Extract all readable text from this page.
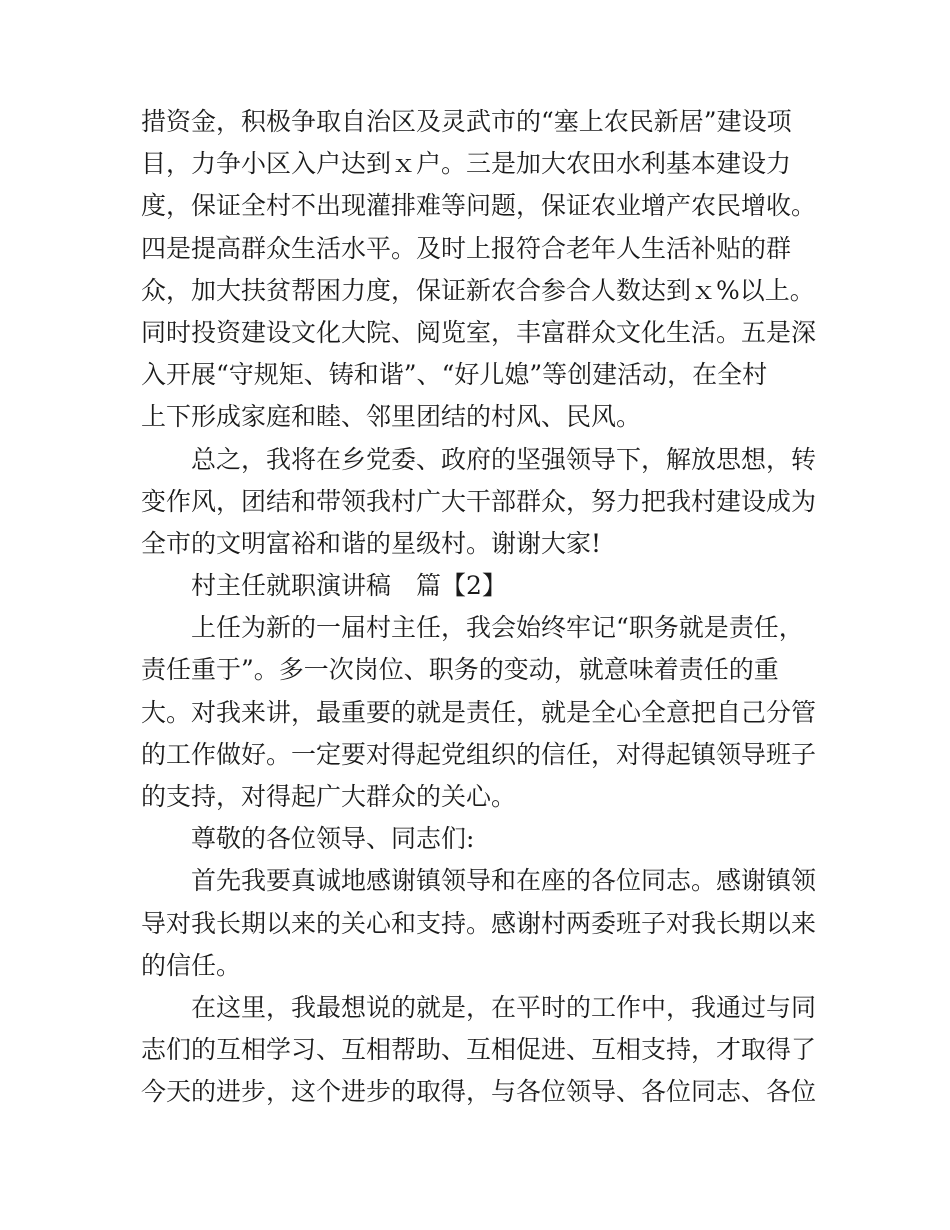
措资金，积极争取自治区及灵武市的“塞上农民新居”建设项
目，力争小区入户达到ｘ户。三是加大农田水利基本建设力
度，保证全村不出现灌排难等问题，保证农业增产农民增收。
四是提高群众生活水平。及时上报符合老年人生活补贴的群
众，加大扶贫帮困力度，保证新农合参合人数达到ｘ%以上。
同时投资建设文化大院、阅览室，丰富群众文化生活。五是深
入开展“守规矩、铸和谐”、“好儿媳”等创建活动，在全村
上下形成家庭和睦、邻里团结的村风、民风。
总之，我将在乡党委、政府的坚强领导下，解放思想，转
变作风，团结和带领我村广大干部群众，努力把我村建设成为
全市的文明富裕和谐的星级村。谢谢大家!
村主任就职演讲稿　篇【2】
上任为新的一届村主任，我会始终牢记“职务就是责任，
责任重于”。多一次岗位、职务的变动，就意味着责任的重
大。对我来讲，最重要的就是责任，就是全心全意把自己分管
的工作做好。一定要对得起党组织的信任，对得起镇领导班子
的支持，对得起广大群众的关心。
尊敬的各位领导、同志们:
首先我要真诚地感谢镇领导和在座的各位同志。感谢镇领
导对我长期以来的关心和支持。感谢村两委班子对我长期以来
的信任。
在这里，我最想说的就是，在平时的工作中，我通过与同
志们的互相学习、互相帮助、互相促进、互相支持，才取得了
今天的进步，这个进步的取得，与各位领导、各位同志、各位
